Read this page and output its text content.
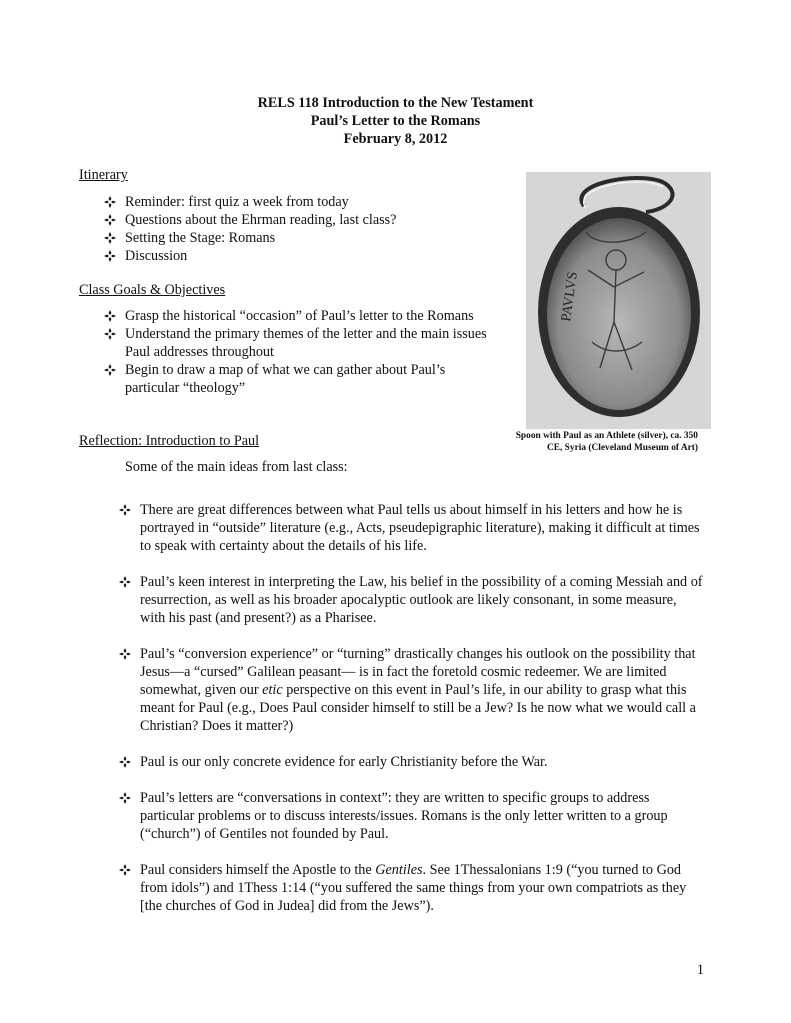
RELS 118 Introduction to the New Testament
Paul’s Letter to the Romans
February 8, 2012
Itinerary
Reminder: first quiz a week from today
Questions about the Ehrman reading, last class?
Setting the Stage: Romans
Discussion
Class Goals & Objectives
Grasp the historical “occasion” of Paul’s letter to the Romans
Understand the primary themes of the letter and the main issues Paul addresses throughout
Begin to draw a map of what we can gather about Paul’s particular “theology”
Reflection: Introduction to Paul
Some of the main ideas from last class:
There are great differences between what Paul tells us about himself in his letters and how he is portrayed in “outside” literature (e.g., Acts, pseudepigraphic literature), making it difficult at times to speak with certainty about the details of his life.
Paul’s keen interest in interpreting the Law, his belief in the possibility of a coming Messiah and of resurrection, as well as his broader apocalyptic outlook are likely consonant, in some measure, with his past (and present?) as a Pharisee.
Paul’s “conversion experience” or “turning” drastically changes his outlook on the possibility that Jesus—a “cursed” Galilean peasant— is in fact the foretold cosmic redeemer. We are limited somewhat, given our etic perspective on this event in Paul’s life, in our ability to grasp what this meant for Paul (e.g., Does Paul consider himself to still be a Jew? Is he now what we would call a Christian? Does it matter?)
Paul is our only concrete evidence for early Christianity before the War.
Paul’s letters are “conversations in context”: they are written to specific groups to address particular problems or to discuss interests/issues. Romans is the only letter written to a group (“church”) of Gentiles not founded by Paul.
Paul considers himself the Apostle to the Gentiles. See 1Thessalonians 1:9 (“you turned to God from idols”) and 1Thess 1:14 (“you suffered the same things from your own compatriots as they [the churches of God in Judea] did from the Jews”).
PAVLVS
Spoon with Paul as an Athlete (silver), ca. 350 CE, Syria (Cleveland Museum of Art)
1
